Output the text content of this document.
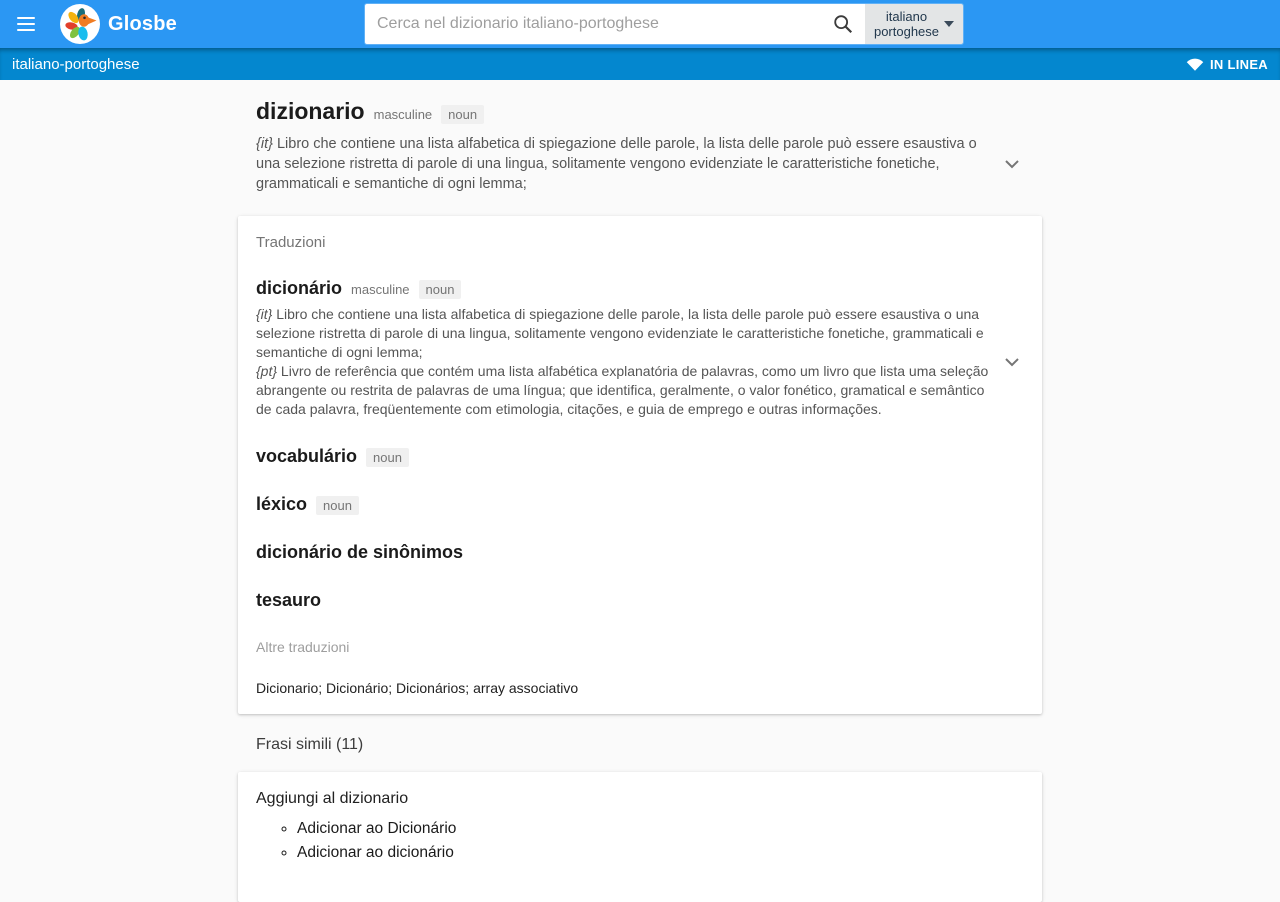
Glosbe
Cerca nel dizionario italiano-portoghese	italiano
portoghese
italiano-portoghese	IN LINEA
dizionario masculine	noun

{it} Libro che contiene una lista alfabetica di spiegazione delle parole, la lista delle parole può essere esaustiva o una selezione ristretta di parole di una lingua, solitamente vengono evidenziate le caratteristiche fonetiche, grammaticali e semantiche di ogni lemma;

Traduzioni
dicionário masculine	noun

{it} Libro che contiene una lista alfabetica di spiegazione delle parole, la lista delle parole può essere esaustiva o una selezione ristretta di parole di una lingua, solitamente vengono evidenziate le caratteristiche fonetiche, grammaticali e semantiche di ogni lemma;
{pt} Livro de referência que contém uma lista alfabética explanatória de palavras, como um livro que lista uma seleção abrangente ou restrita de palavras de uma língua; que identifica, geralmente, o valor fonético, gramatical e semântico de cada palavra, freqüentemente com etimologia, citações, e guia de emprego e outras informações.

vocabulário	noun
léxico	noun
dicionário de sinônimos
tesauro
Altre traduzioni
Dicionario; Dicionário; Dicionários; array associativo
Frasi simili (11)
Aggiungi al dizionario
◦ Adicionar ao Dicionário
◦ Adicionar ao dicionário
